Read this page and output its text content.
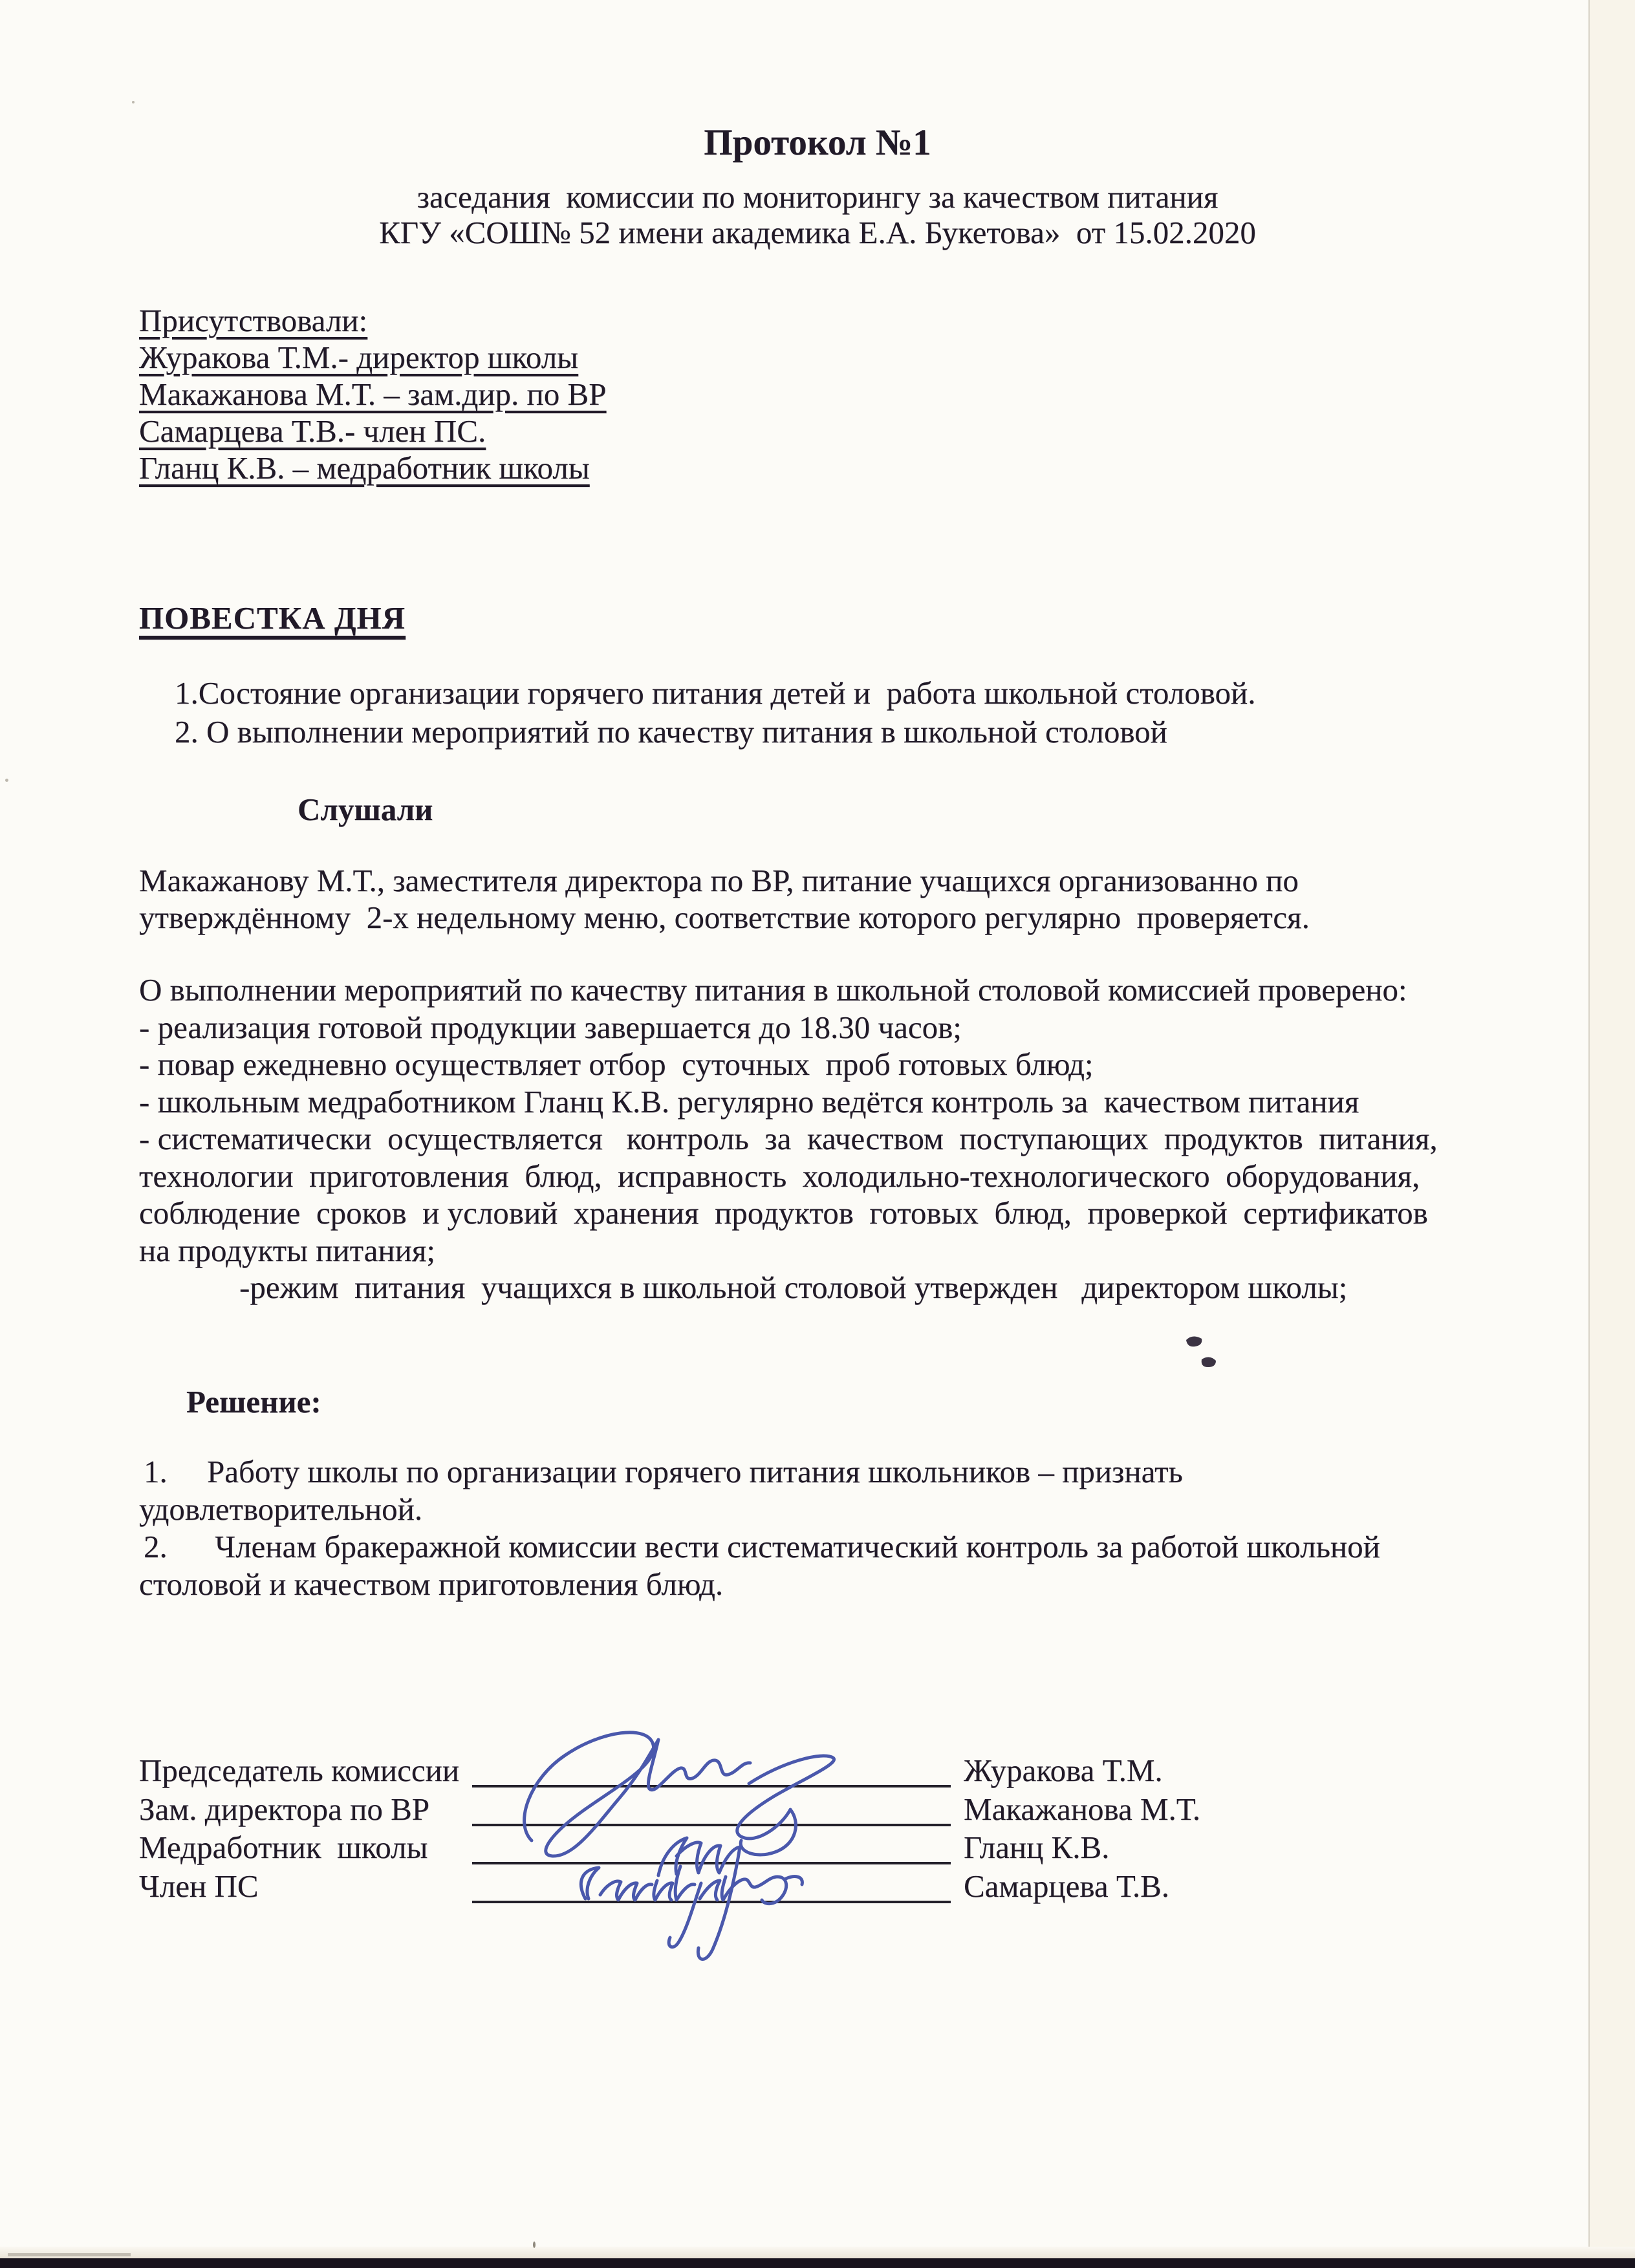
Протокол №1
заседания  комиссии по мониторингу за качеством питания
КГУ «СОШ№ 52 имени академика Е.А. Букетова»  от 15.02.2020
Присутствовали:
Журакова Т.М.- директор школы
Макажанова М.Т. – зам.дир. по ВР
Самарцева Т.В.- член ПС.
Гланц К.В. – медработник школы
ПОВЕСТКА ДНЯ
1.Состояние организации горячего питания детей и  работа школьной столовой.
2. О выполнении мероприятий по качеству питания в школьной столовой
Слушали
Макажанову М.Т., заместителя директора по ВР, питание учащихся организованно по
утверждённому  2-х недельному меню, соответствие которого регулярно  проверяется.
О выполнении мероприятий по качеству питания в школьной столовой комиссией проверено:
- реализация готовой продукции завершается до 18.30 часов;
- повар ежедневно осуществляет отбор  суточных  проб готовых блюд;
- школьным медработником Гланц К.В. регулярно ведётся контроль за  качеством питания
- систематически  осуществляется   контроль  за  качеством  поступающих  продуктов  питания,
технологии  приготовления  блюд,  исправность  холодильно-технологического  оборудования,
соблюдение  сроков  и условий  хранения  продуктов  готовых  блюд,  проверкой  сертификатов
на продукты питания;
-режим  питания  учащихся в школьной столовой утвержден   директором школы;
Решение:
1.     Работу школы по организации горячего питания школьников – признать
удовлетворительной.
2.      Членам бракеражной комиссии вести систематический контроль за работой школьной
столовой и качеством приготовления блюд.
Председатель комиссии
Зам. директора по ВР
Медработник  школы
Член ПС
Журакова Т.М.
Макажанова М.Т.
Гланц К.В.
Самарцева Т.В.
